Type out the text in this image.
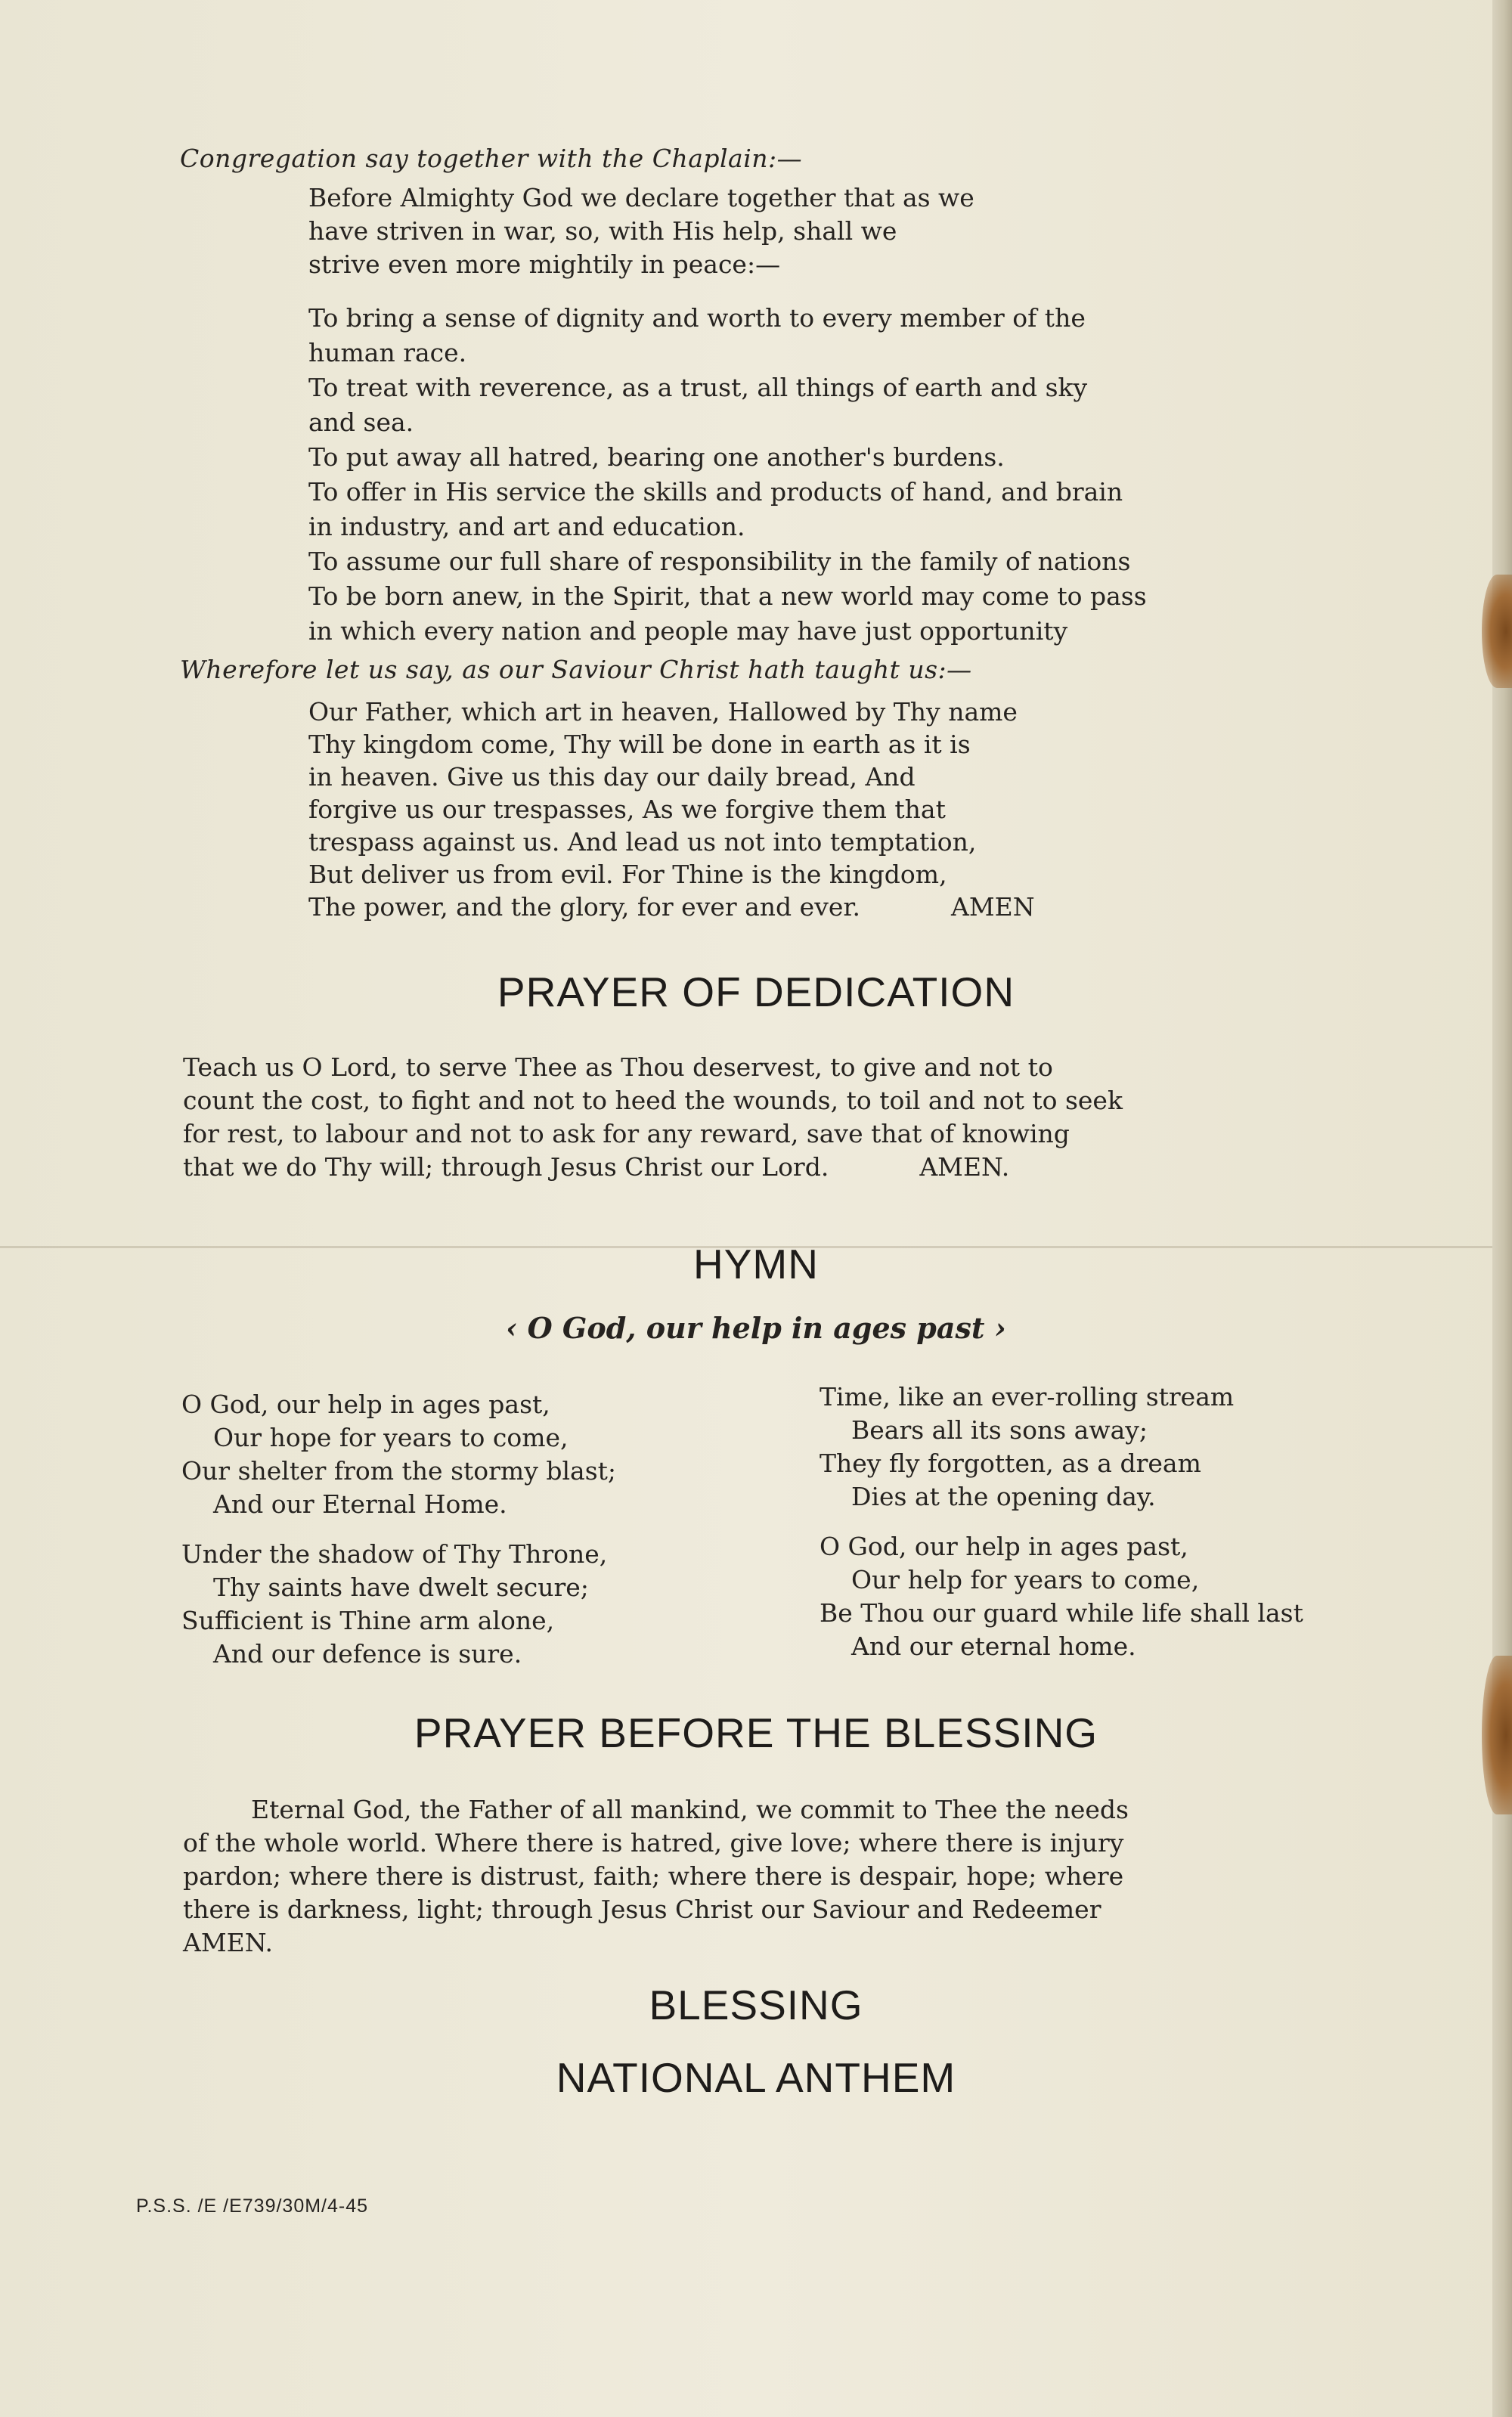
Congregation say together with the Chaplain:—

Before Almighty God we declare together that as we

have striven in war, so, with His help, shall we

strive even more mightily in peace:—

To bring a sense of dignity and worth to every member of the
human race.
To treat with reverence, as a trust, all things of earth and sky
and sea.
To put away all hatred, bearing one another's burdens.
To offer in His service the skills and products of hand, and brain
in industry, and art and education.
To assume our full share of responsibility in the family of nations
To be born anew, in the Spirit, that a new world may come to pass
in which every nation and people may have just opportunity
Wherefore let us say, as our Saviour Christ hath taught us:—

Our Father, which art in heaven, Hallowed by Thy name

Thy kingdom come, Thy will be done in earth as it is

in heaven. Give us this day our daily bread, And

forgive us our trespasses, As we forgive them that

trespass against us. And lead us not into temptation,

But deliver us from evil. For Thine is the kingdom,

The power, and the glory, for ever and ever.	AMEN

PRAYER OF DEDICATION

Teach us O Lord, to serve Thee as Thou deservest, to give and not to

count the cost, to fight and not to heed the wounds, to toil and not to seek

for rest, to labour and not to ask for any reward, save that of knowing

that we do Thy will; through Jesus Christ our Lord.	AMEN.

HYMN
‹ O God, our help in ages past ›

O God, our help in ages past,

Our hope for years to come,

Our shelter from the stormy blast;

And our Eternal Home.

Under the shadow of Thy Throne,

Thy saints have dwelt secure;

Sufficient is Thine arm alone,

And our defence is sure.

Time, like an ever-rolling stream

Bears all its sons away;

They fly forgotten, as a dream

Dies at the opening day.

O God, our help in ages past,

Our help for years to come,

Be Thou our guard while life shall last

And our eternal home.

PRAYER BEFORE THE BLESSING

Eternal God, the Father of all mankind, we commit to Thee the needs

of the whole world. Where there is hatred, give love; where there is injury

pardon; where there is distrust, faith; where there is despair, hope; where

there is darkness, light; through Jesus Christ our Saviour and Redeemer

AMEN.

BLESSING
NATIONAL ANTHEM
P.S.S. /E /E739/30M/4-45
